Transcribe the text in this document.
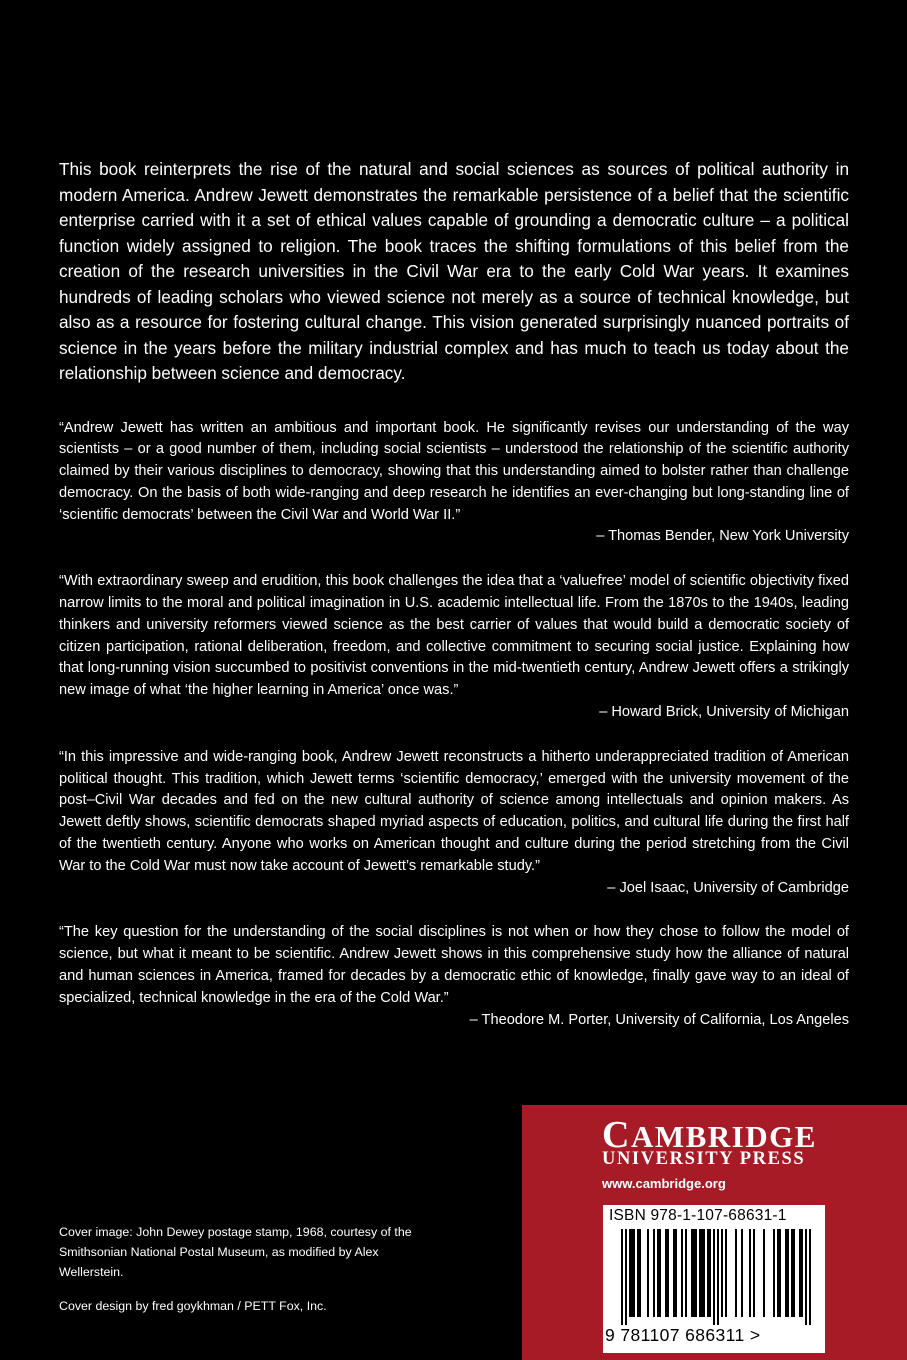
This book reinterprets the rise of the natural and social sciences as sources of political authority in modern America. Andrew Jewett demonstrates the remarkable persistence of a belief that the scientific enterprise carried with it a set of ethical values capable of grounding a democratic culture – a political function widely assigned to religion. The book traces the shifting formulations of this belief from the creation of the research universities in the Civil War era to the early Cold War years. It examines hundreds of leading scholars who viewed science not merely as a source of technical knowledge, but also as a resource for fostering cultural change. This vision generated surprisingly nuanced portraits of science in the years before the military industrial complex and has much to teach us today about the relationship between science and democracy.

“Andrew Jewett has written an ambitious and important book. He significantly revises our understanding of the way scientists – or a good number of them, including social scientists – understood the relationship of the scientific authority claimed by their various disciplines to democracy, showing that this understanding aimed to bolster rather than challenge democracy. On the basis of both wide-ranging and deep research he identifies an ever-changing but long-standing line of ‘scientific democrats’ between the Civil War and World War II.”

– Thomas Bender, New York University

“With extraordinary sweep and erudition, this book challenges the idea that a ‘valuefree’ model of scientific objectivity fixed narrow limits to the moral and political imagination in U.S. academic intellectual life. From the 1870s to the 1940s, leading thinkers and university reformers viewed science as the best carrier of values that would build a democratic society of citizen participation, rational deliberation, freedom, and collective commitment to securing social justice. Explaining how that long-running vision succumbed to positivist conventions in the mid-twentieth century, Andrew Jewett offers a strikingly new image of what ‘the higher learning in America’ once was.”

– Howard Brick, University of Michigan

“In this impressive and wide-ranging book, Andrew Jewett reconstructs a hitherto underappreciated tradition of American political thought. This tradition, which Jewett terms ‘scientific democracy,’ emerged with the university movement of the post–Civil War decades and fed on the new cultural authority of science among intellectuals and opinion makers. As Jewett deftly shows, scientific democrats shaped myriad aspects of education, politics, and cultural life during the first half of the twentieth century. Anyone who works on American thought and culture during the period stretching from the Civil War to the Cold War must now take account of Jewett’s remarkable study.”

– Joel Isaac, University of Cambridge

“The key question for the understanding of the social disciplines is not when or how they chose to follow the model of science, but what it meant to be scientific. Andrew Jewett shows in this comprehensive study how the alliance of natural and human sciences in America, framed for decades by a democratic ethic of knowledge, finally gave way to an ideal of specialized, technical knowledge in the era of the Cold War.”

– Theodore M. Porter, University of California, Los Angeles

Cover image: John Dewey postage stamp, 1968, courtesy of the Smithsonian National Postal Museum, as modified by Alex Wellerstein.

Cover design by fred goykhman / PETT Fox, Inc.

CAMBRIDGE
UNIVERSITY PRESS
www.cambridge.org
ISBN 978-1-107-68631-1
9 781107 686311 >
